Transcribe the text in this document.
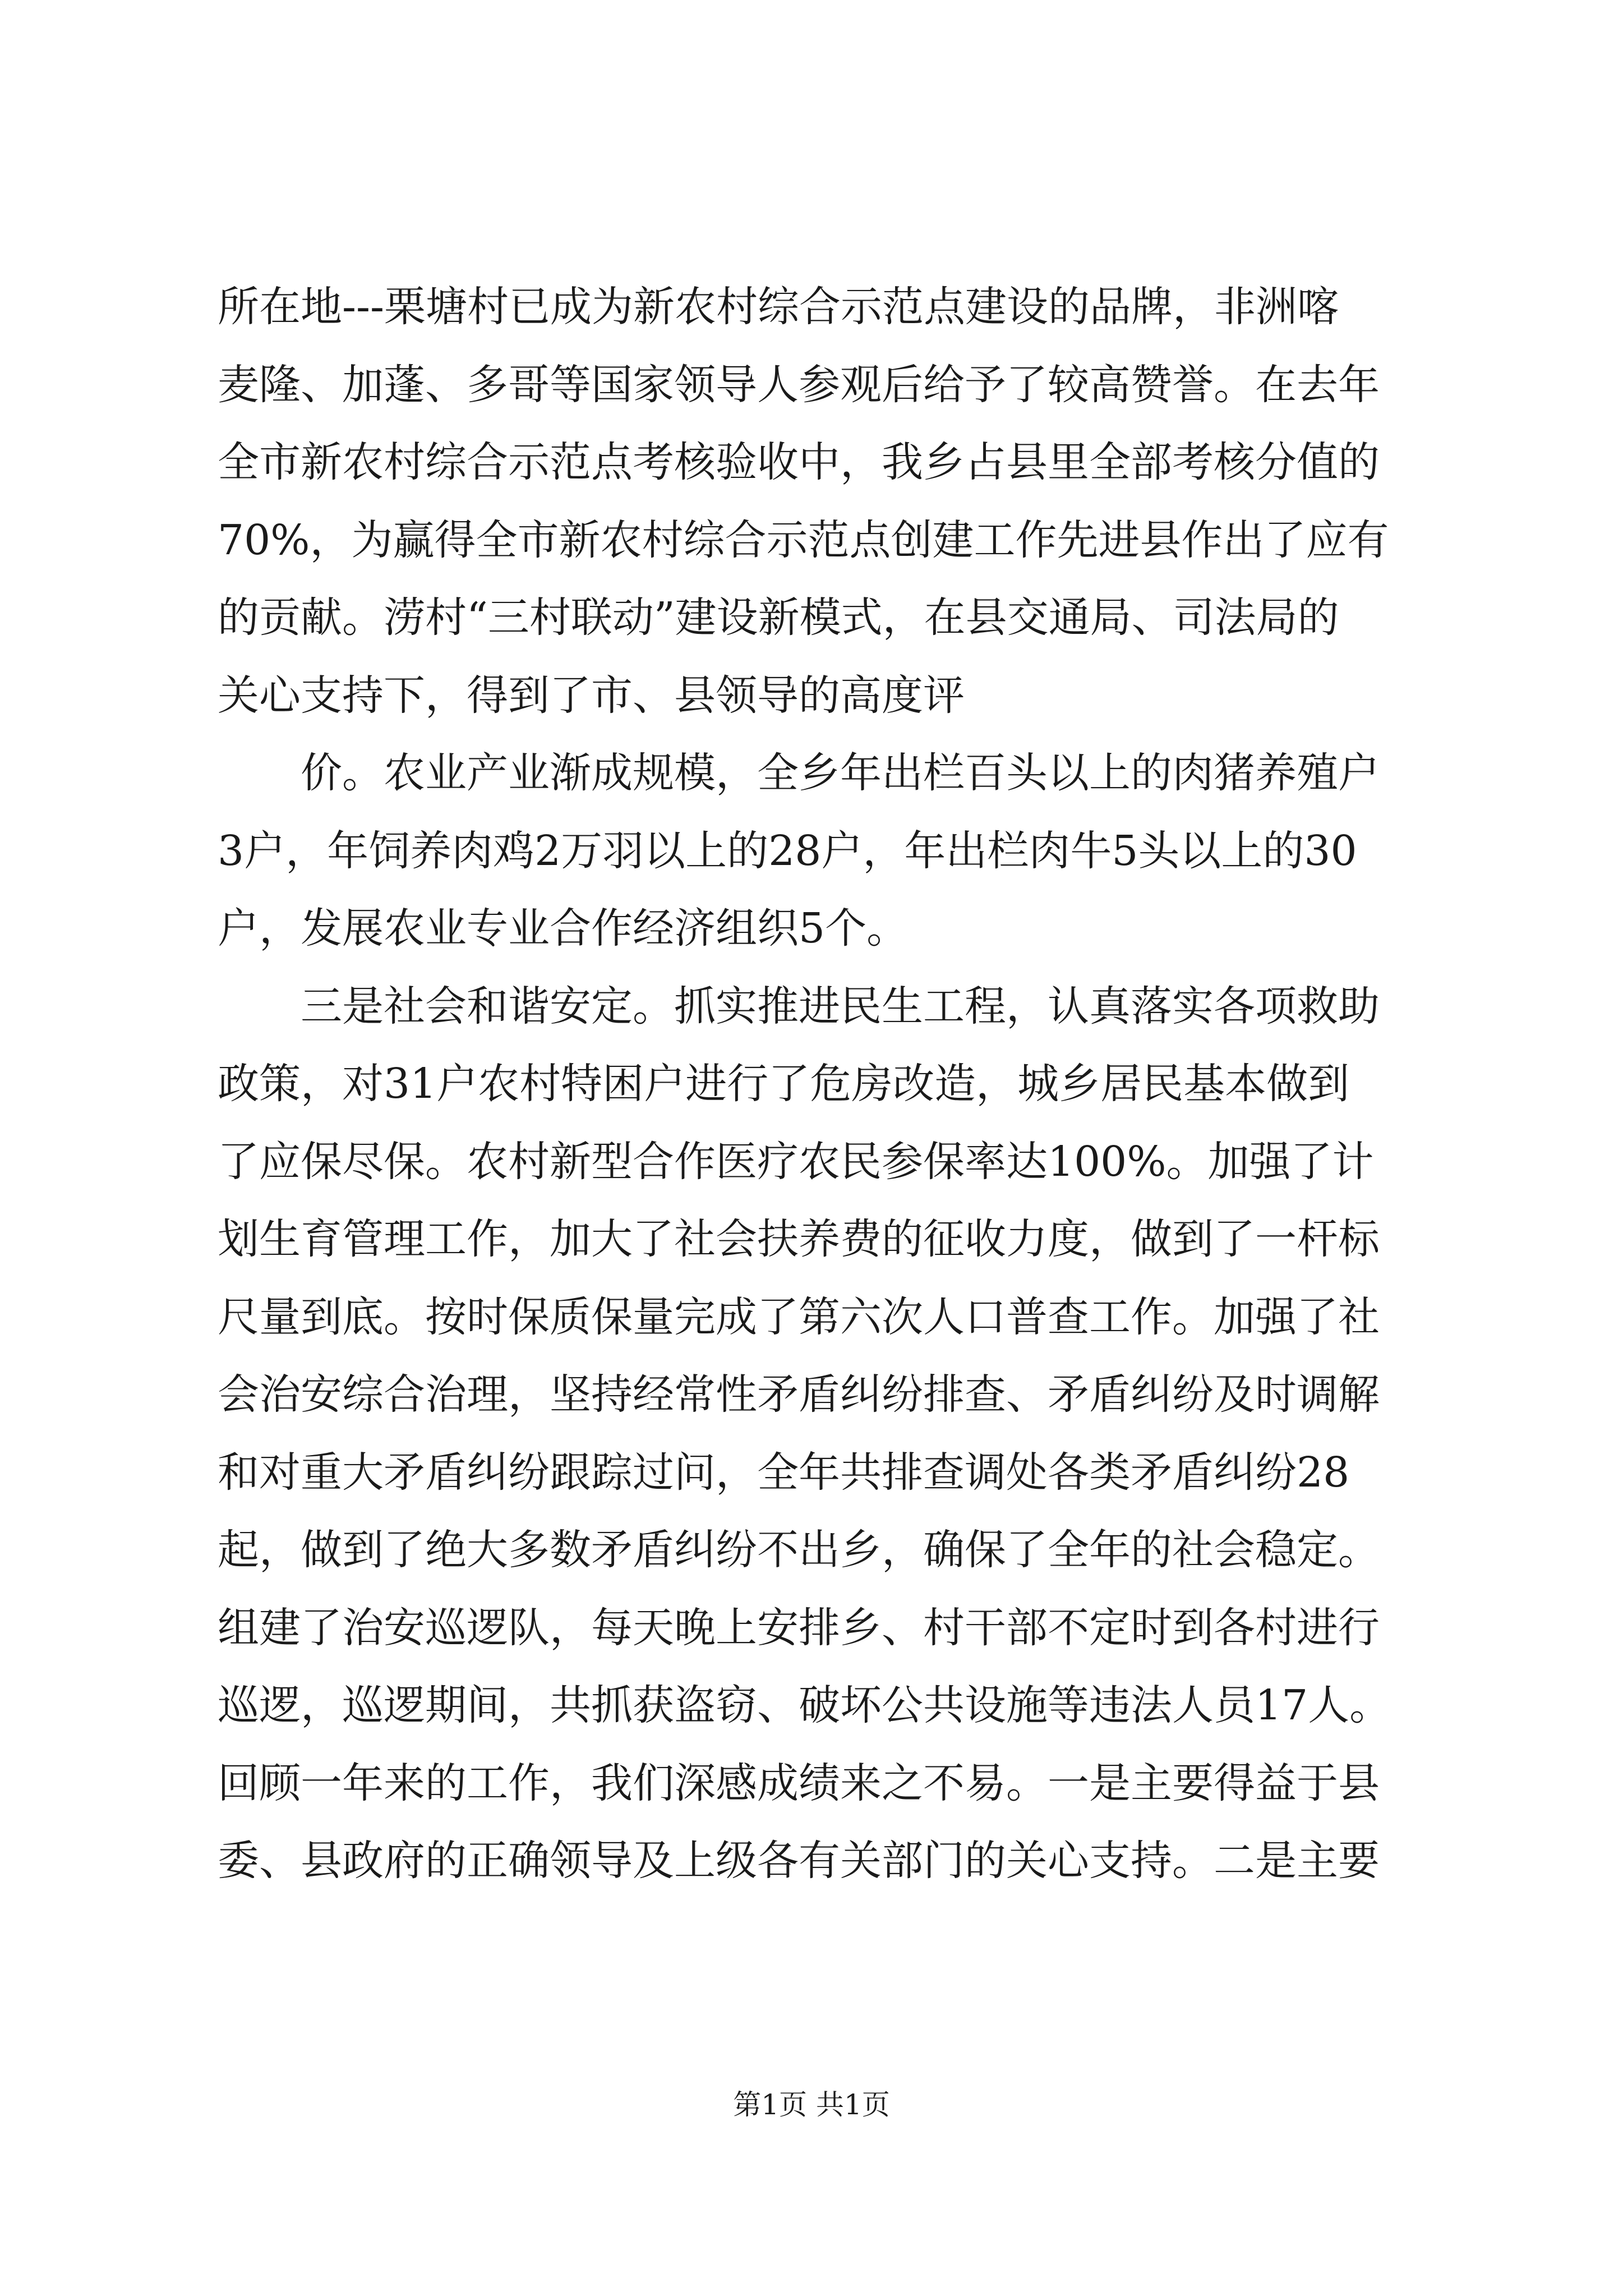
所在地---栗塘村已成为新农村综合示范点建设的品牌，非洲喀
麦隆、加蓬、多哥等国家领导人参观后给予了较高赞誉。在去年
全市新农村综合示范点考核验收中，我乡占县里全部考核分值的
70%，为赢得全市新农村综合示范点创建工作先进县作出了应有
的贡献。涝村“三村联动”建设新模式，在县交通局、司法局的
关心支持下，得到了市、县领导的高度评
价。农业产业渐成规模，全乡年出栏百头以上的肉猪养殖户
3户，年饲养肉鸡2万羽以上的28户，年出栏肉牛5头以上的30
户，发展农业专业合作经济组织5个。
三是社会和谐安定。抓实推进民生工程，认真落实各项救助
政策，对31户农村特困户进行了危房改造，城乡居民基本做到
了应保尽保。农村新型合作医疗农民参保率达100%。加强了计
划生育管理工作，加大了社会扶养费的征收力度，做到了一杆标
尺量到底。按时保质保量完成了第六次人口普查工作。加强了社
会治安综合治理，坚持经常性矛盾纠纷排查、矛盾纠纷及时调解
和对重大矛盾纠纷跟踪过问，全年共排查调处各类矛盾纠纷28
起，做到了绝大多数矛盾纠纷不出乡，确保了全年的社会稳定。
组建了治安巡逻队，每天晚上安排乡、村干部不定时到各村进行
巡逻，巡逻期间，共抓获盗窃、破坏公共设施等违法人员17人。
回顾一年来的工作，我们深感成绩来之不易。一是主要得益于县
委、县政府的正确领导及上级各有关部门的关心支持。二是主要
第1页 共1页
